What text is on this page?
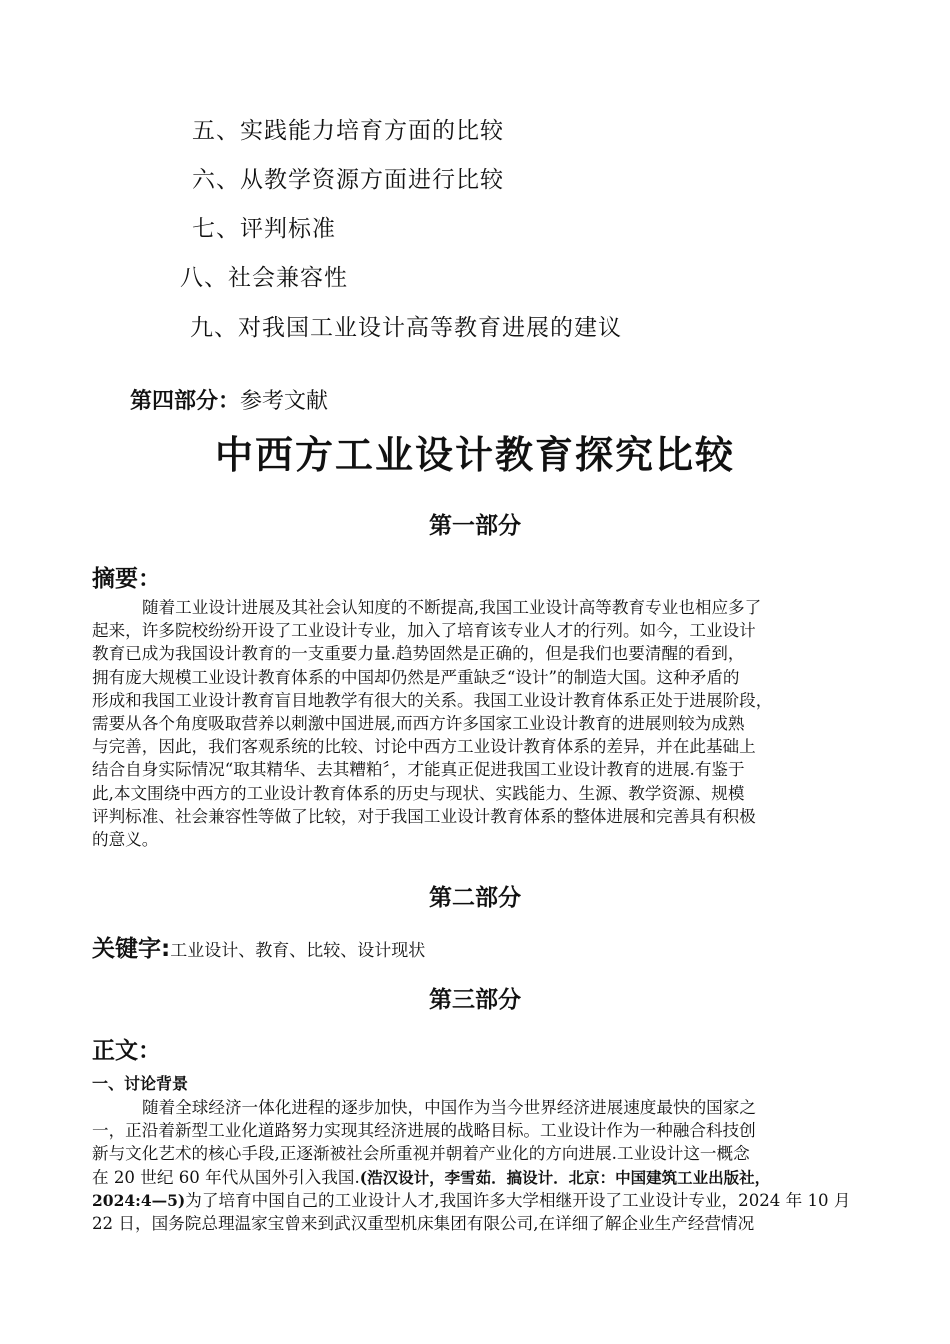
五、实践能力培育方面的比较
六、从教学资源方面进行比较
七、评判标准
八、社会兼容性
九、对我国工业设计高等教育进展的建议
第四部分：参考文献
中西方工业设计教育探究比较
第一部分
摘要：
随着工业设计进展及其社会认知度的不断提高,我国工业设计高等教育专业也相应多了
起来，许多院校纷纷开设了工业设计专业，加入了培育该专业人才的行列。如今，工业设计
教育已成为我国设计教育的一支重要力量.趋势固然是正确的，但是我们也要清醒的看到，
拥有庞大规模工业设计教育体系的中国却仍然是严重缺乏“设计”的制造大国。这种矛盾的
形成和我国工业设计教育盲目地教学有很大的关系。我国工业设计教育体系正处于进展阶段，
需要从各个角度吸取营养以刺激中国进展,而西方许多国家工业设计教育的进展则较为成熟
与完善，因此，我们客观系统的比较、讨论中西方工业设计教育体系的差异，并在此基础上
结合自身实际情况“取其精华、去其糟粕〞，才能真正促进我国工业设计教育的进展.有鉴于
此,本文围绕中西方的工业设计教育体系的历史与现状、实践能力、生源、教学资源、规模
评判标准、社会兼容性等做了比较，对于我国工业设计教育体系的整体进展和完善具有积极
的意义。
第二部分
关键字:工业设计、教育、比较、设计现状
第三部分
正文：
一、讨论背景
随着全球经济一体化进程的逐步加快，中国作为当今世界经济进展速度最快的国家之
一，正沿着新型工业化道路努力实现其经济进展的战略目标。工业设计作为一种融合科技创
新与文化艺术的核心手段,正逐渐被社会所重视并朝着产业化的方向进展.工业设计这一概念
在 20 世纪 60 年代从国外引入我国.(浩汉设计，李雪茹．搞设计．北京：中国建筑工业出版社，
2024:4—5)为了培育中国自己的工业设计人才,我国许多大学相继开设了工业设计专业，2024 年 10 月
22 日，国务院总理温家宝曾来到武汉重型机床集团有限公司,在详细了解企业生产经营情况
